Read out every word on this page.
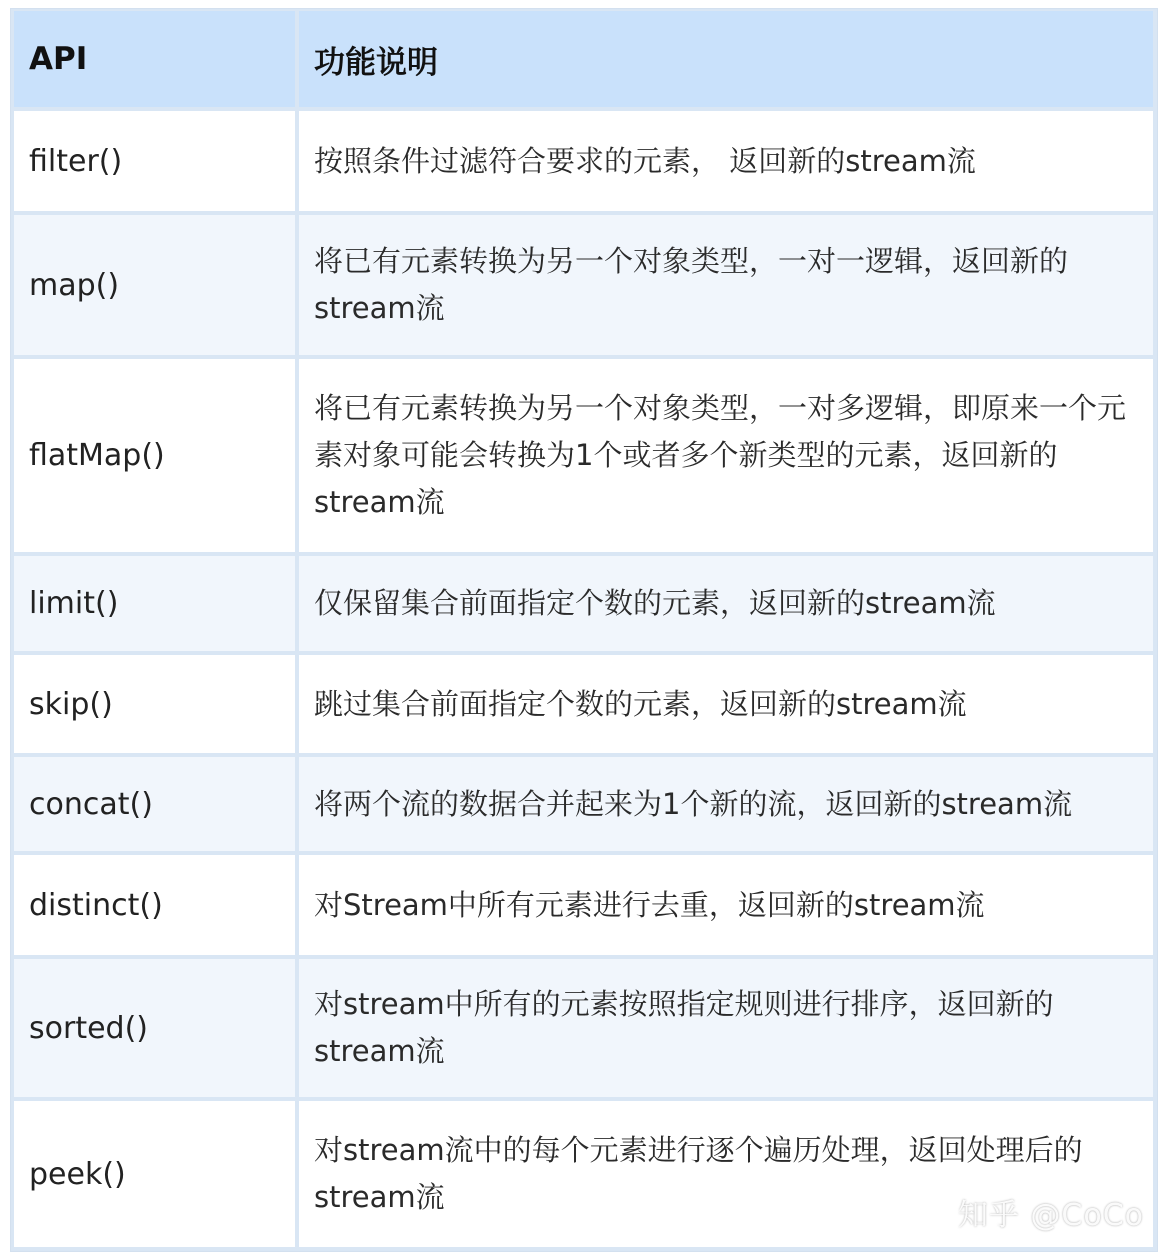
API	功能说明
filter()	按照条件过滤符合要求的元素， 返回新的stream流
map()	将已有元素转换为另一个对象类型，一对一逻辑，返回新的stream流
flatMap()	将已有元素转换为另一个对象类型，一对多逻辑，即原来一个元素对象可能会转换为1个或者多个新类型的元素，返回新的stream流
limit()	仅保留集合前面指定个数的元素，返回新的stream流
skip()	跳过集合前面指定个数的元素，返回新的stream流
concat()	将两个流的数据合并起来为1个新的流，返回新的stream流
distinct()	对Stream中所有元素进行去重，返回新的stream流
sorted()	对stream中所有的元素按照指定规则进行排序，返回新的stream流
peek()	对stream流中的每个元素进行逐个遍历处理，返回处理后的stream流
知乎 @CoCo
